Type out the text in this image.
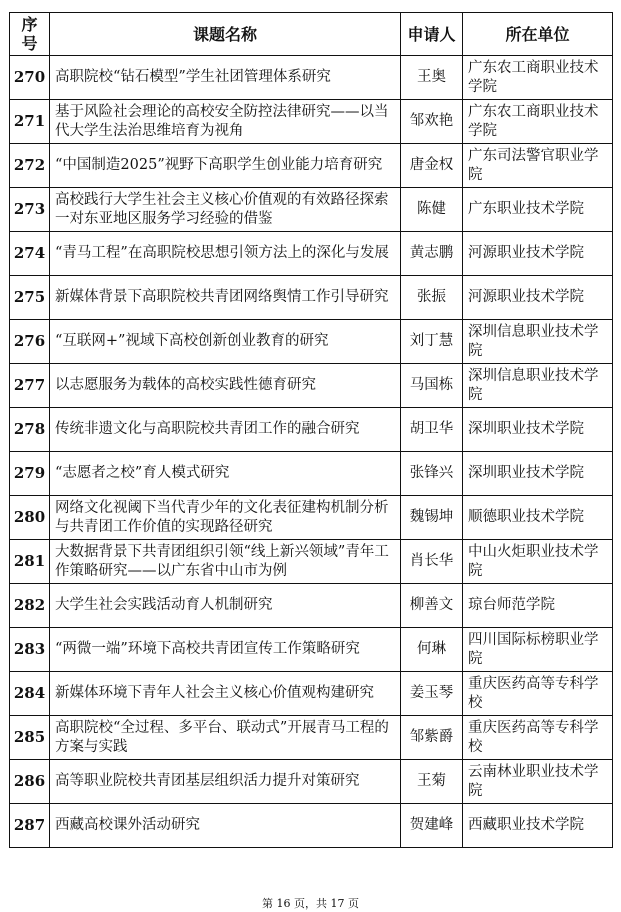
序号	课题名称	申请人	所在单位
270	高职院校“钻石模型”学生社团管理体系研究	王奥	广东农工商职业技术学院
271	基于风险社会理论的高校安全防控法律研究——以当代大学生法治思维培育为视角	邹欢艳	广东农工商职业技术学院
272	“中国制造2025”视野下高职学生创业能力培育研究	唐金权	广东司法警官职业学院
273	高校践行大学生社会主义核心价值观的有效路径探索一对东亚地区服务学习经验的借鉴	陈健	广东职业技术学院
274	“青马工程”在高职院校思想引领方法上的深化与发展	黄志鹏	河源职业技术学院
275	新媒体背景下高职院校共青团网络舆情工作引导研究	张振	河源职业技术学院
276	“互联网+”视域下高校创新创业教育的研究	刘丁慧	深圳信息职业技术学院
277	以志愿服务为载体的高校实践性德育研究	马国栋	深圳信息职业技术学院
278	传统非遗文化与高职院校共青团工作的融合研究	胡卫华	深圳职业技术学院
279	“志愿者之校”育人模式研究	张锋兴	深圳职业技术学院
280	网络文化视阈下当代青少年的文化表征建构机制分析与共青团工作价值的实现路径研究	魏锡坤	顺德职业技术学院
281	大数据背景下共青团组织引领“线上新兴领域”青年工作策略研究——以广东省中山市为例	肖长华	中山火炬职业技术学院
282	大学生社会实践活动育人机制研究	柳善文	琼台师范学院
283	“两微一端”环境下高校共青团宣传工作策略研究	何琳	四川国际标榜职业学院
284	新媒体环境下青年人社会主义核心价值观构建研究	姜玉琴	重庆医药高等专科学校
285	高职院校“全过程、多平台、联动式”开展青马工程的方案与实践	邹紫爵	重庆医药高等专科学校
286	高等职业院校共青团基层组织活力提升对策研究	王菊	云南林业职业技术学院
287	西藏高校课外活动研究	贺建峰	西藏职业技术学院
第 16 页，共 17 页
